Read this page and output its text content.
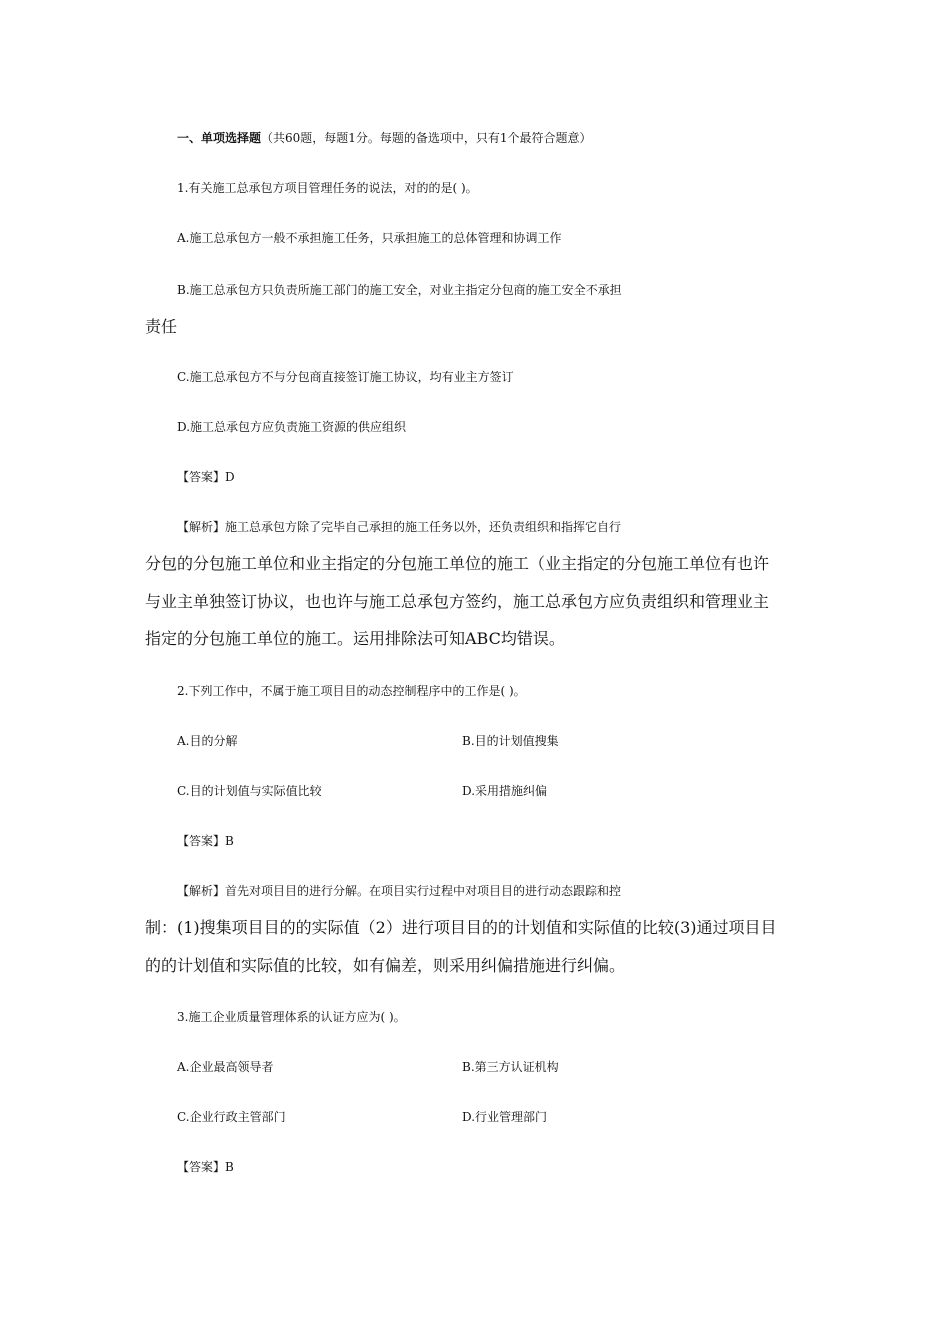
一、单项选择题（共60题，每题1分。每题的备选项中，只有1个最符合题意）
1.有关施工总承包方项目管理任务的说法，对的的是( )。
A.施工总承包方一般不承担施工任务，只承担施工的总体管理和协调工作
B.施工总承包方只负责所施工部门的施工安全，对业主指定分包商的施工安全不承担
责任
C.施工总承包方不与分包商直接签订施工协议，均有业主方签订
D.施工总承包方应负责施工资源的供应组织
【答案】D
【解析】施工总承包方除了完毕自己承担的施工任务以外，还负责组织和指挥它自行
分包的分包施工单位和业主指定的分包施工单位的施工（业主指定的分包施工单位有也许
与业主单独签订协议，也也许与施工总承包方签约，施工总承包方应负责组织和管理业主
指定的分包施工单位的施工。运用排除法可知ABC均错误。
2.下列工作中，不属于施工项目目的动态控制程序中的工作是( )。
A.目的分解	B.目的计划值搜集
C.目的计划值与实际值比较	D.采用措施纠偏
【答案】B
【解析】首先对项目目的进行分解。在项目实行过程中对项目目的进行动态跟踪和控
制：(1)搜集项目目的的实际值（2）进行项目目的的计划值和实际值的比较(3)通过项目目
的的计划值和实际值的比较，如有偏差，则采用纠偏措施进行纠偏。
3.施工企业质量管理体系的认证方应为( )。
A.企业最高领导者	B.第三方认证机构
C.企业行政主管部门	D.行业管理部门
【答案】B
